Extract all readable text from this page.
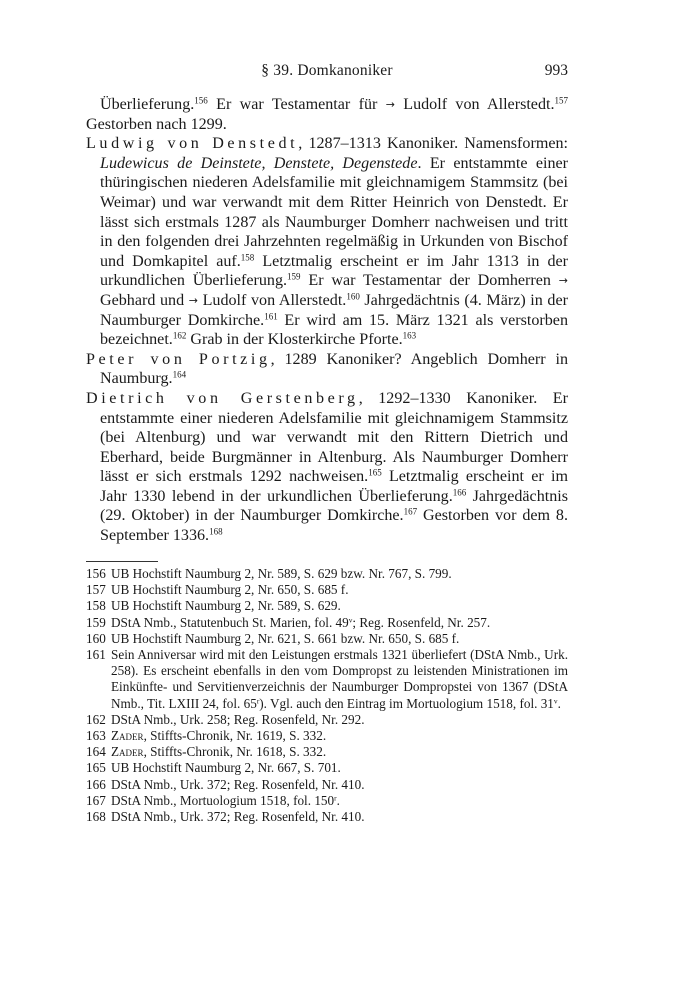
§ 39. Domkanoniker	993

Überlieferung.$^{156}$ Er war Testamentar für → Ludolf von Allerstedt.$^{157}$ Gestorben nach 1299.

Ludwig von Denstedt, 1287–1313 Kanoniker. Namensformen: Ludewicus de Deinstete, Denstete, Degenstede. Er entstammte einer thüringischen niederen Adelsfamilie mit gleichnamigem Stammsitz (bei Weimar) und war verwandt mit dem Ritter Heinrich von Denstedt. Er lässt sich erstmals 1287 als Naumburger Domherr nachweisen und tritt in den folgenden drei Jahrzehnten regelmäßig in Urkunden von Bischof und Domkapitel auf.$^{158}$ Letztmalig erscheint er im Jahr 1313 in der urkundlichen Überlieferung.$^{159}$ Er war Testamentar der Domherren → Gebhard und → Ludolf von Allerstedt.$^{160}$ Jahrgedächtnis (4. März) in der Naumburger Domkirche.$^{161}$ Er wird am 15. März 1321 als verstorben bezeichnet.$^{162}$ Grab in der Klosterkirche Pforte.$^{163}$

Peter von Portzig, 1289 Kanoniker? Angeblich Domherr in Naumburg.$^{164}$

Dietrich von Gerstenberg, 1292–1330 Kanoniker. Er entstammte einer niederen Adelsfamilie mit gleichnamigem Stammsitz (bei Altenburg) und war verwandt mit den Rittern Dietrich und Eberhard, beide Burgmänner in Altenburg. Als Naumburger Domherr lässt er sich erstmals 1292 nachweisen.$^{165}$ Letztmalig erscheint er im Jahr 1330 lebend in der urkundlichen Überlieferung.$^{166}$ Jahrgedächtnis (29. Oktober) in der Naumburger Domkirche.$^{167}$ Gestorben vor dem 8. September 1336.$^{168}$

156 UB Hochstift Naumburg 2, Nr. 589, S. 629 bzw. Nr. 767, S. 799.
157 UB Hochstift Naumburg 2, Nr. 650, S. 685 f.
158 UB Hochstift Naumburg 2, Nr. 589, S. 629.
159 DStA Nmb., Statutenbuch St. Marien, fol. 49$^v$; Reg. Rosenfeld, Nr. 257.
160 UB Hochstift Naumburg 2, Nr. 621, S. 661 bzw. Nr. 650, S. 685 f.
161 Sein Anniversar wird mit den Leistungen erstmals 1321 überliefert (DStA Nmb., Urk. 258). Es erscheint ebenfalls in den vom Dompropst zu leistenden Ministrationen im Einkünfte- und Servitienverzeichnis der Naumburger Dompropstei von 1367 (DStA Nmb., Tit. LXIII 24, fol. 65$^r$). Vgl. auch den Eintrag im Mortuologium 1518, fol. 31$^v$.
162 DStA Nmb., Urk. 258; Reg. Rosenfeld, Nr. 292.
163 Zader, Stiffts-Chronik, Nr. 1619, S. 332.
164 Zader, Stiffts-Chronik, Nr. 1618, S. 332.
165 UB Hochstift Naumburg 2, Nr. 667, S. 701.
166 DStA Nmb., Urk. 372; Reg. Rosenfeld, Nr. 410.
167 DStA Nmb., Mortuologium 1518, fol. 150$^r$.
168 DStA Nmb., Urk. 372; Reg. Rosenfeld, Nr. 410.
